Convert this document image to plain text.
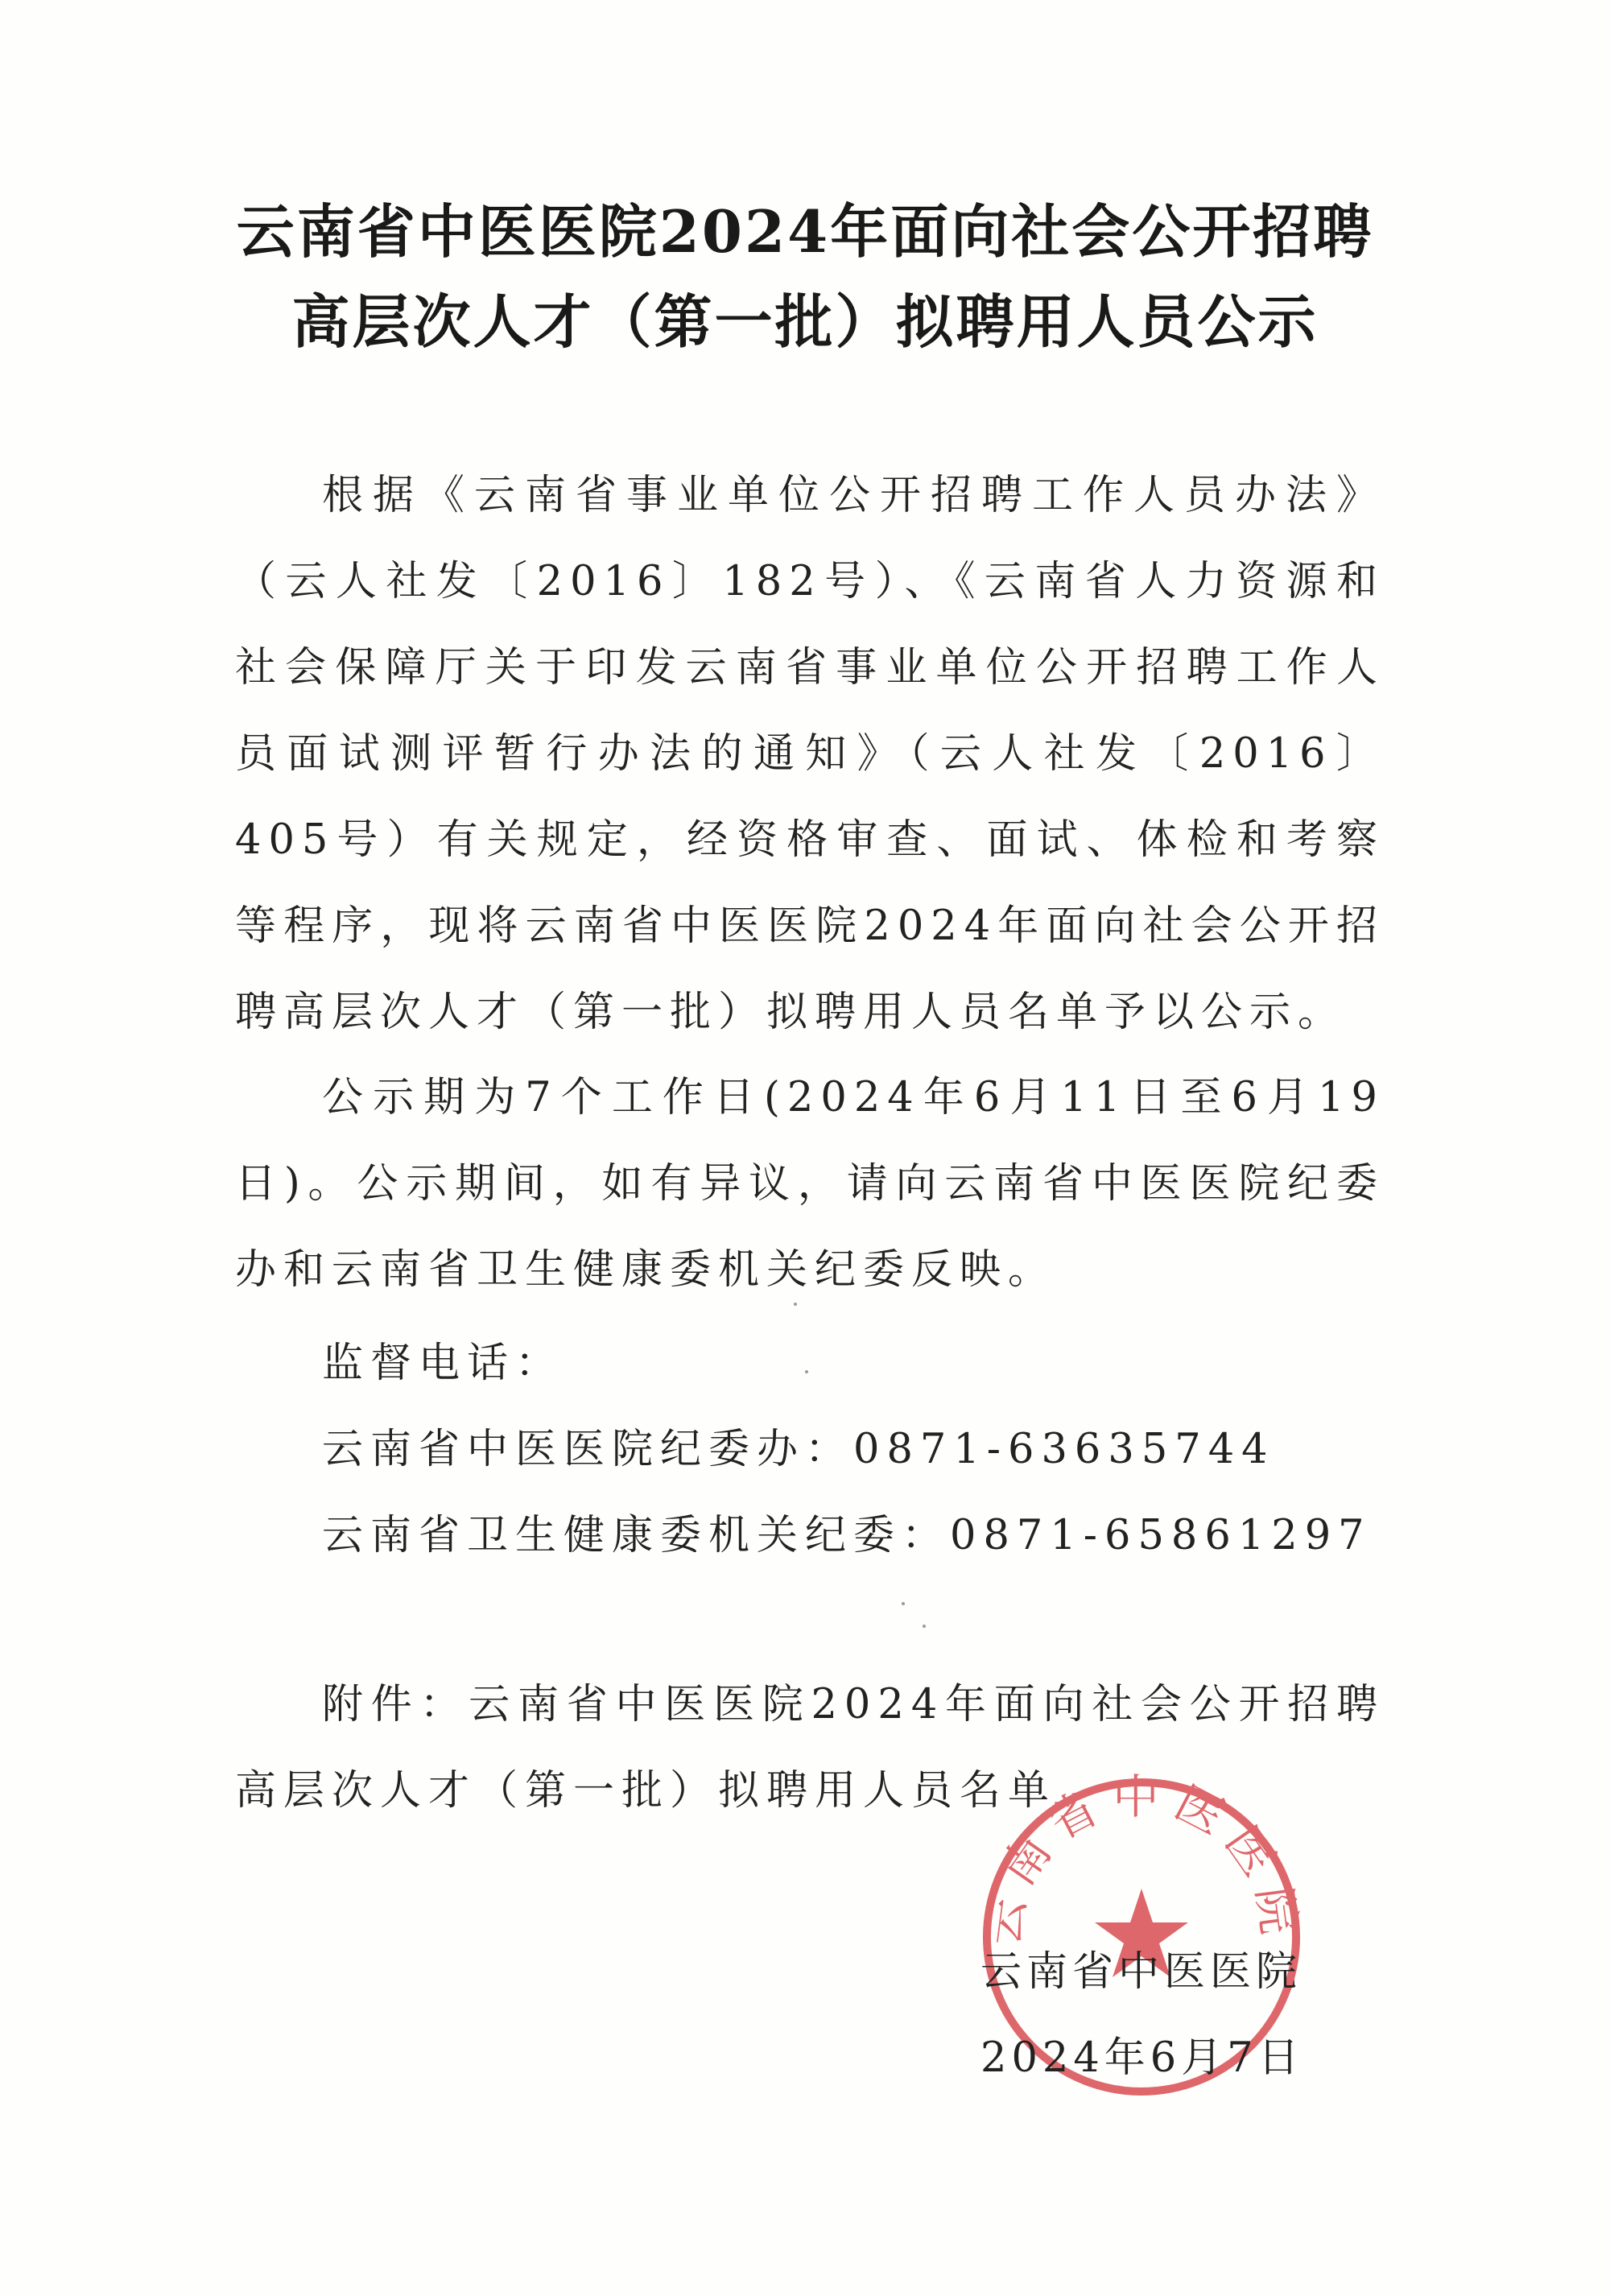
云南省中医医院2024年面向社会公开招聘
高层次人才（第一批）拟聘用人员公示
根据《云南省事业单位公开招聘工作人员办法》（云人社发〔2016〕182号）、《云南省人力资源和社会保障厅关于印发云南省事业单位公开招聘工作人员面试测评暂行办法的通知》（云人社发〔2016〕405号）有关规定，经资格审查、面试、体检和考察等程序，现将云南省中医医院2024年面向社会公开招聘高层次人才（第一批）拟聘用人员名单予以公示。
公示期为7个工作日(2024年6月11日至6月19日)。公示期间，如有异议，请向云南省中医医院纪委办和云南省卫生健康委机关纪委反映。
监督电话：
云南省中医医院纪委办：0871-63635744
云南省卫生健康委机关纪委：0871-65861297
附件：云南省中医医院2024年面向社会公开招聘高层次人才（第一批）拟聘用人员名单
云南省中医医院
云南省中医医院
2024年6月7日
